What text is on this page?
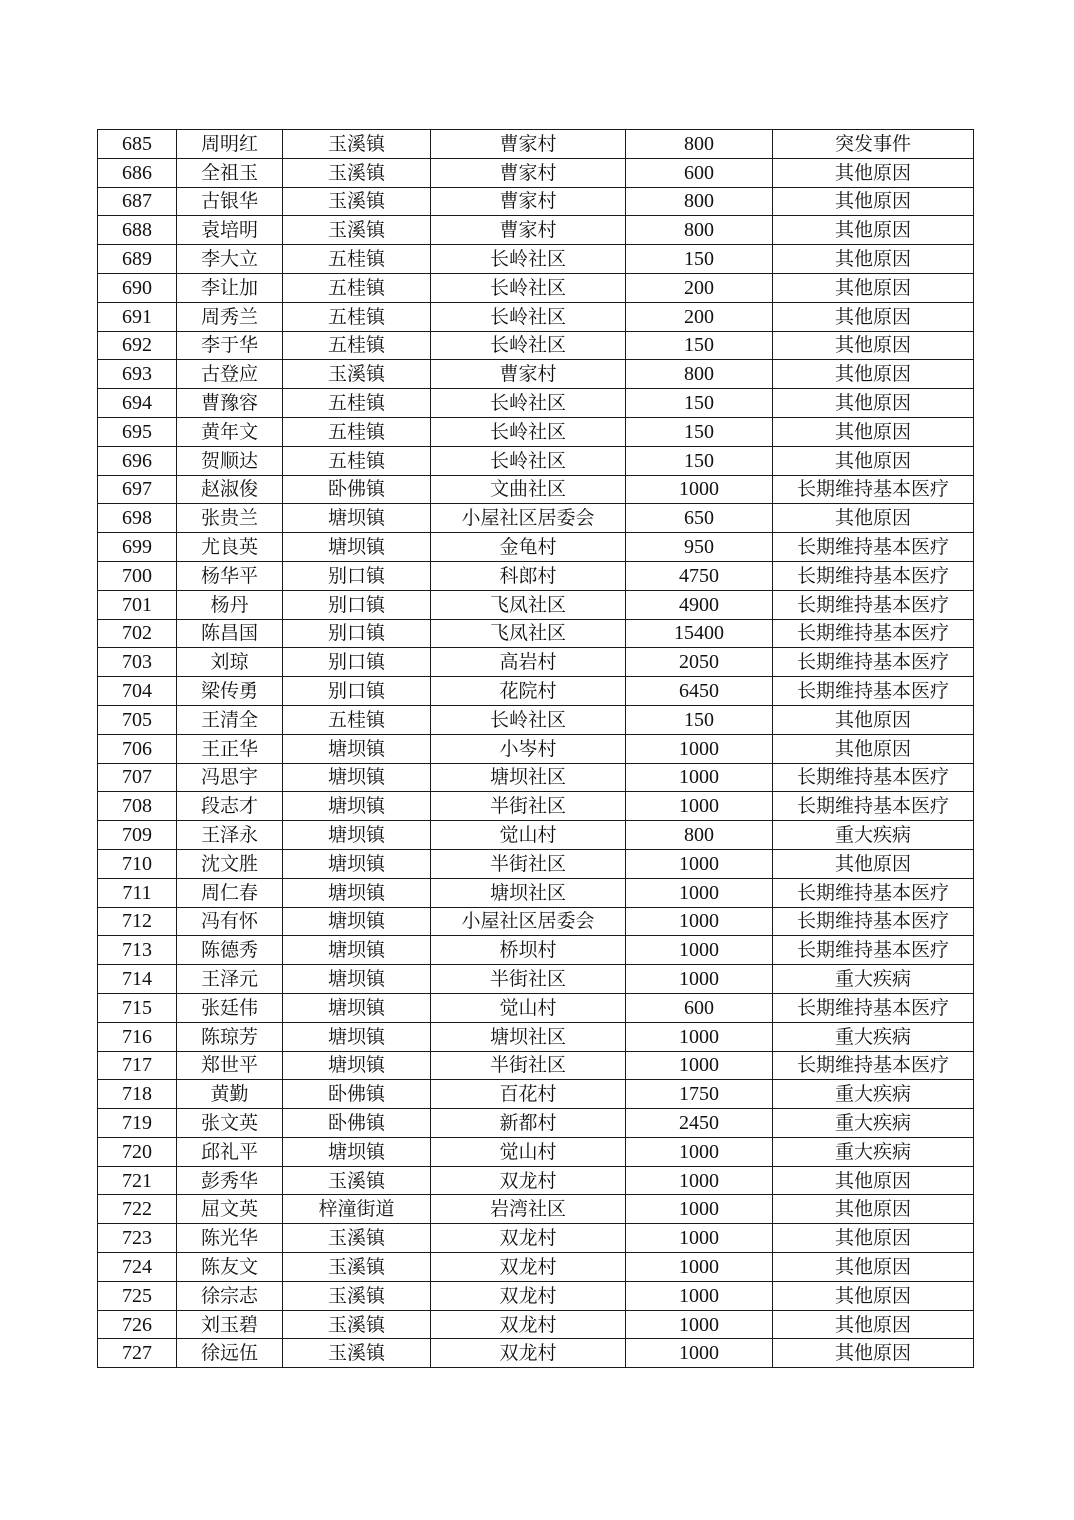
685	周明红	玉溪镇	曹家村	800	突发事件
686	全祖玉	玉溪镇	曹家村	600	其他原因
687	古银华	玉溪镇	曹家村	800	其他原因
688	袁培明	玉溪镇	曹家村	800	其他原因
689	李大立	五桂镇	长岭社区	150	其他原因
690	李让加	五桂镇	长岭社区	200	其他原因
691	周秀兰	五桂镇	长岭社区	200	其他原因
692	李于华	五桂镇	长岭社区	150	其他原因
693	古登应	玉溪镇	曹家村	800	其他原因
694	曹豫容	五桂镇	长岭社区	150	其他原因
695	黄年文	五桂镇	长岭社区	150	其他原因
696	贺顺达	五桂镇	长岭社区	150	其他原因
697	赵淑俊	卧佛镇	文曲社区	1000	长期维持基本医疗
698	张贵兰	塘坝镇	小屋社区居委会	650	其他原因
699	尤良英	塘坝镇	金龟村	950	长期维持基本医疗
700	杨华平	别口镇	科郎村	4750	长期维持基本医疗
701	杨丹	别口镇	飞凤社区	4900	长期维持基本医疗
702	陈昌国	别口镇	飞凤社区	15400	长期维持基本医疗
703	刘琼	别口镇	高岩村	2050	长期维持基本医疗
704	梁传勇	别口镇	花院村	6450	长期维持基本医疗
705	王清全	五桂镇	长岭社区	150	其他原因
706	王正华	塘坝镇	小岑村	1000	其他原因
707	冯思宇	塘坝镇	塘坝社区	1000	长期维持基本医疗
708	段志才	塘坝镇	半街社区	1000	长期维持基本医疗
709	王泽永	塘坝镇	觉山村	800	重大疾病
710	沈文胜	塘坝镇	半街社区	1000	其他原因
711	周仁春	塘坝镇	塘坝社区	1000	长期维持基本医疗
712	冯有怀	塘坝镇	小屋社区居委会	1000	长期维持基本医疗
713	陈德秀	塘坝镇	桥坝村	1000	长期维持基本医疗
714	王泽元	塘坝镇	半街社区	1000	重大疾病
715	张廷伟	塘坝镇	觉山村	600	长期维持基本医疗
716	陈琼芳	塘坝镇	塘坝社区	1000	重大疾病
717	郑世平	塘坝镇	半街社区	1000	长期维持基本医疗
718	黄勤	卧佛镇	百花村	1750	重大疾病
719	张文英	卧佛镇	新都村	2450	重大疾病
720	邱礼平	塘坝镇	觉山村	1000	重大疾病
721	彭秀华	玉溪镇	双龙村	1000	其他原因
722	屈文英	梓潼街道	岩湾社区	1000	其他原因
723	陈光华	玉溪镇	双龙村	1000	其他原因
724	陈友文	玉溪镇	双龙村	1000	其他原因
725	徐宗志	玉溪镇	双龙村	1000	其他原因
726	刘玉碧	玉溪镇	双龙村	1000	其他原因
727	徐远伍	玉溪镇	双龙村	1000	其他原因
